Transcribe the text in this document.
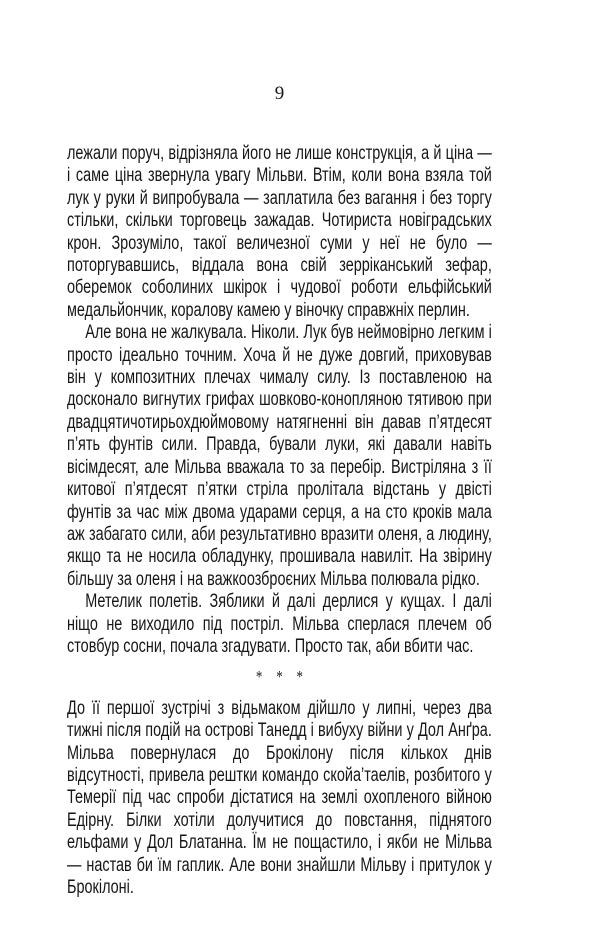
9

лежали поруч, відрізняла його не лише конструкція, а й ціна — і саме ціна звернула увагу Мільви. Втім, коли вона взяла той лук у руки й випробувала — заплатила без вагання і без торгу стільки, скільки торговець зажадав. Чотириста новіградських крон. Зрозуміло, такої величезної суми у неї не було — поторгувавшись, віддала вона свій зерріканський зефар, оберемок соболиних шкірок і чудової роботи ельфійський медальйончик, коралову камею у віночку справжніх перлин.

Але вона не жалкувала. Ніколи. Лук був неймовірно легким і просто ідеально точним. Хоча й не дуже довгий, приховував він у композитних плечах чималу силу. Із поставленою на досконало вигнутих грифах шовково-конопляною тятивою при двадцятичотирьохдюймовому натягненні він давав п’ятдесят п’ять фунтів сили. Правда, бували луки, які давали навіть вісімдесят, але Мільва вважала то за перебір. Вистріляна з її китової п’ятдесят п’ятки стріла пролітала відстань у двісті фунтів за час між двома ударами серця, а на сто кроків мала аж забагато сили, аби результативно вразити оленя, а людину, якщо та не носила обладунку, прошивала навиліт. На звірину більшу за оленя і на важкоозброєних Мільва полювала рідко.

Метелик полетів. Зяблики й далі дерлися у кущах. І далі ніщо не виходило під постріл. Мільва сперлася плечем об стовбур сосни, почала згадувати. Просто так, аби вбити час.

* * *

До її першої зустрічі з відьмаком дійшло у липні, через два тижні після подій на острові Танедд і вибуху війни у Дол Анґра. Мільва повернулася до Брокілону після кількох днів відсутності, привела рештки командо скойа’таелів, розбитого у Темерії під час спроби дістатися на землі охопленого війною Едірну. Білки хотіли долучитися до повстання, піднятого ельфами у Дол Блатанна. Їм не пощастило, і якби не Мільва — настав би їм гаплик. Але вони знайшли Мільву і притулок у Брокілоні.
